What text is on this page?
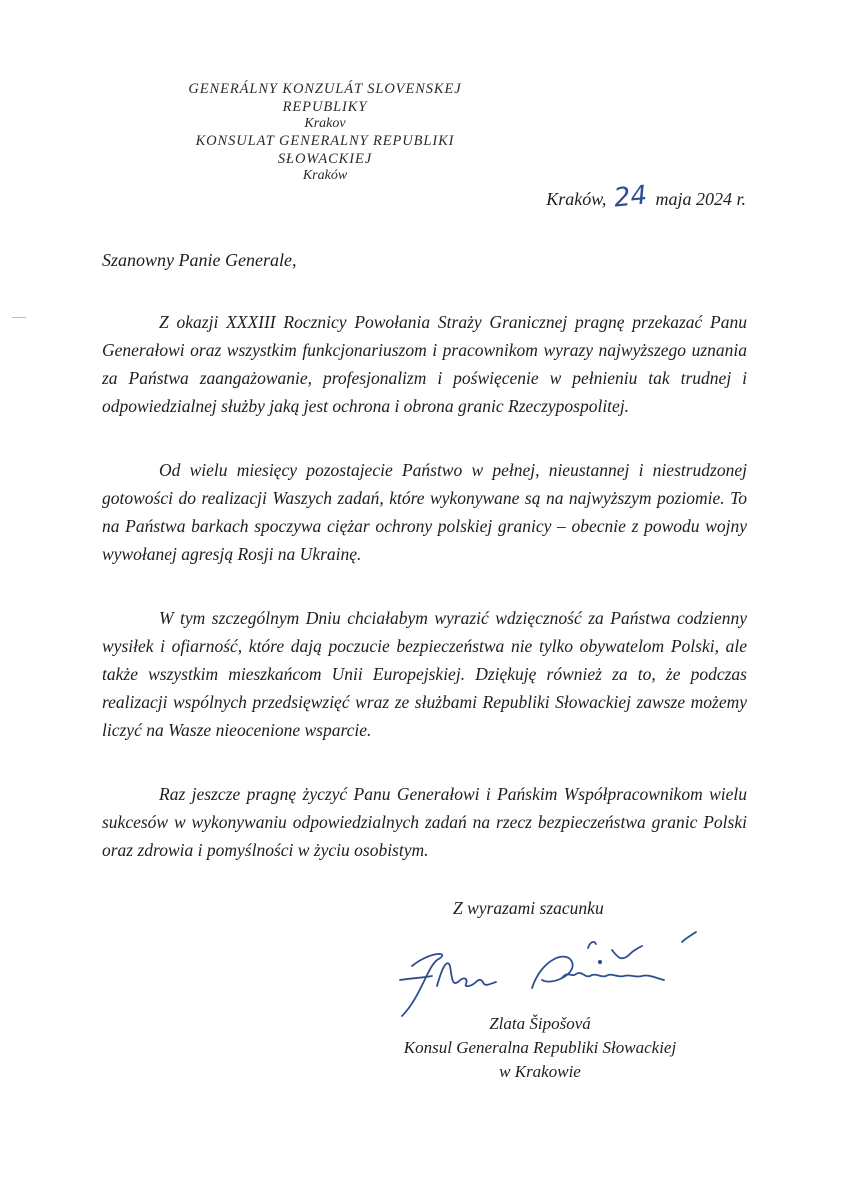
GENERÁLNY KONZULÁT SLOVENSKEJ REPUBLIKY
Krakov
KONSULAT GENERALNY REPUBLIKI SŁOWACKIEJ
Kraków
Kraków, 24 maja 2024 r.
Szanowny Panie Generale,

Z okazji XXXIII Rocznicy Powołania Straży Granicznej pragnę przekazać Panu Generałowi oraz wszystkim funkcjonariuszom i pracownikom wyrazy najwyższego uznania za Państwa zaangażowanie, profesjonalizm i poświęcenie w pełnieniu tak trudnej i odpowiedzialnej służby jaką jest ochrona i obrona granic Rzeczypospolitej.

Od wielu miesięcy pozostajecie Państwo w pełnej, nieustannej i niestrudzonej gotowości do realizacji Waszych zadań, które wykonywane są na najwyższym poziomie. To na Państwa barkach spoczywa ciężar ochrony polskiej granicy – obecnie z powodu wojny wywołanej agresją Rosji na Ukrainę.

W tym szczególnym Dniu chciałabym wyrazić wdzięczność za Państwa codzienny wysiłek i ofiarność, które dają poczucie bezpieczeństwa nie tylko obywatelom Polski, ale także wszystkim mieszkańcom Unii Europejskiej. Dziękuję również za to, że podczas realizacji wspólnych przedsięwzięć wraz ze służbami Republiki Słowackiej zawsze możemy liczyć na Wasze nieocenione wsparcie.

Raz jeszcze pragnę życzyć Panu Generałowi i Pańskim Współpracownikom wielu sukcesów w wykonywaniu odpowiedzialnych zadań na rzecz bezpieczeństwa granic Polski oraz zdrowia i pomyślności w życiu osobistym.

Z wyrazami szacunku
Zlata Šipošová
Konsul Generalna Republiki Słowackiej
w Krakowie
